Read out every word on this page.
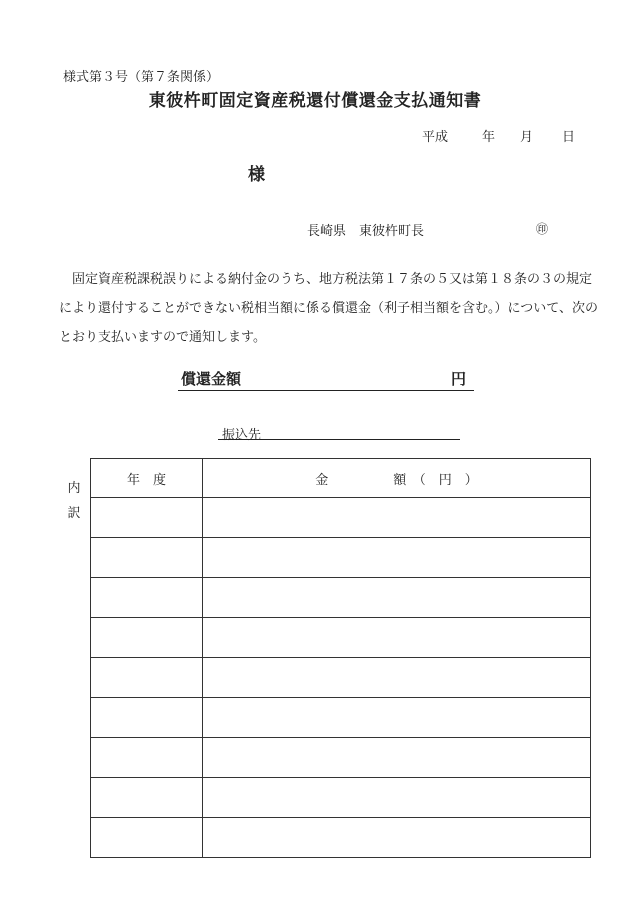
様式第３号（第７条関係）
東彼杵町固定資産税還付償還金支払通知書
平成	年 月 日
様
長崎県　東彼杵町長	㊞

固定資産税課税誤りによる納付金のうち、地方税法第１７条の５又は第１８条の３の規定により還付することができない税相当額に係る償還金（利子相当額を含む。）について、次のとおり支払いますので通知します。

償還金額	円
振込先
内
訳
年　度	金　　　　　額　（　円　）
